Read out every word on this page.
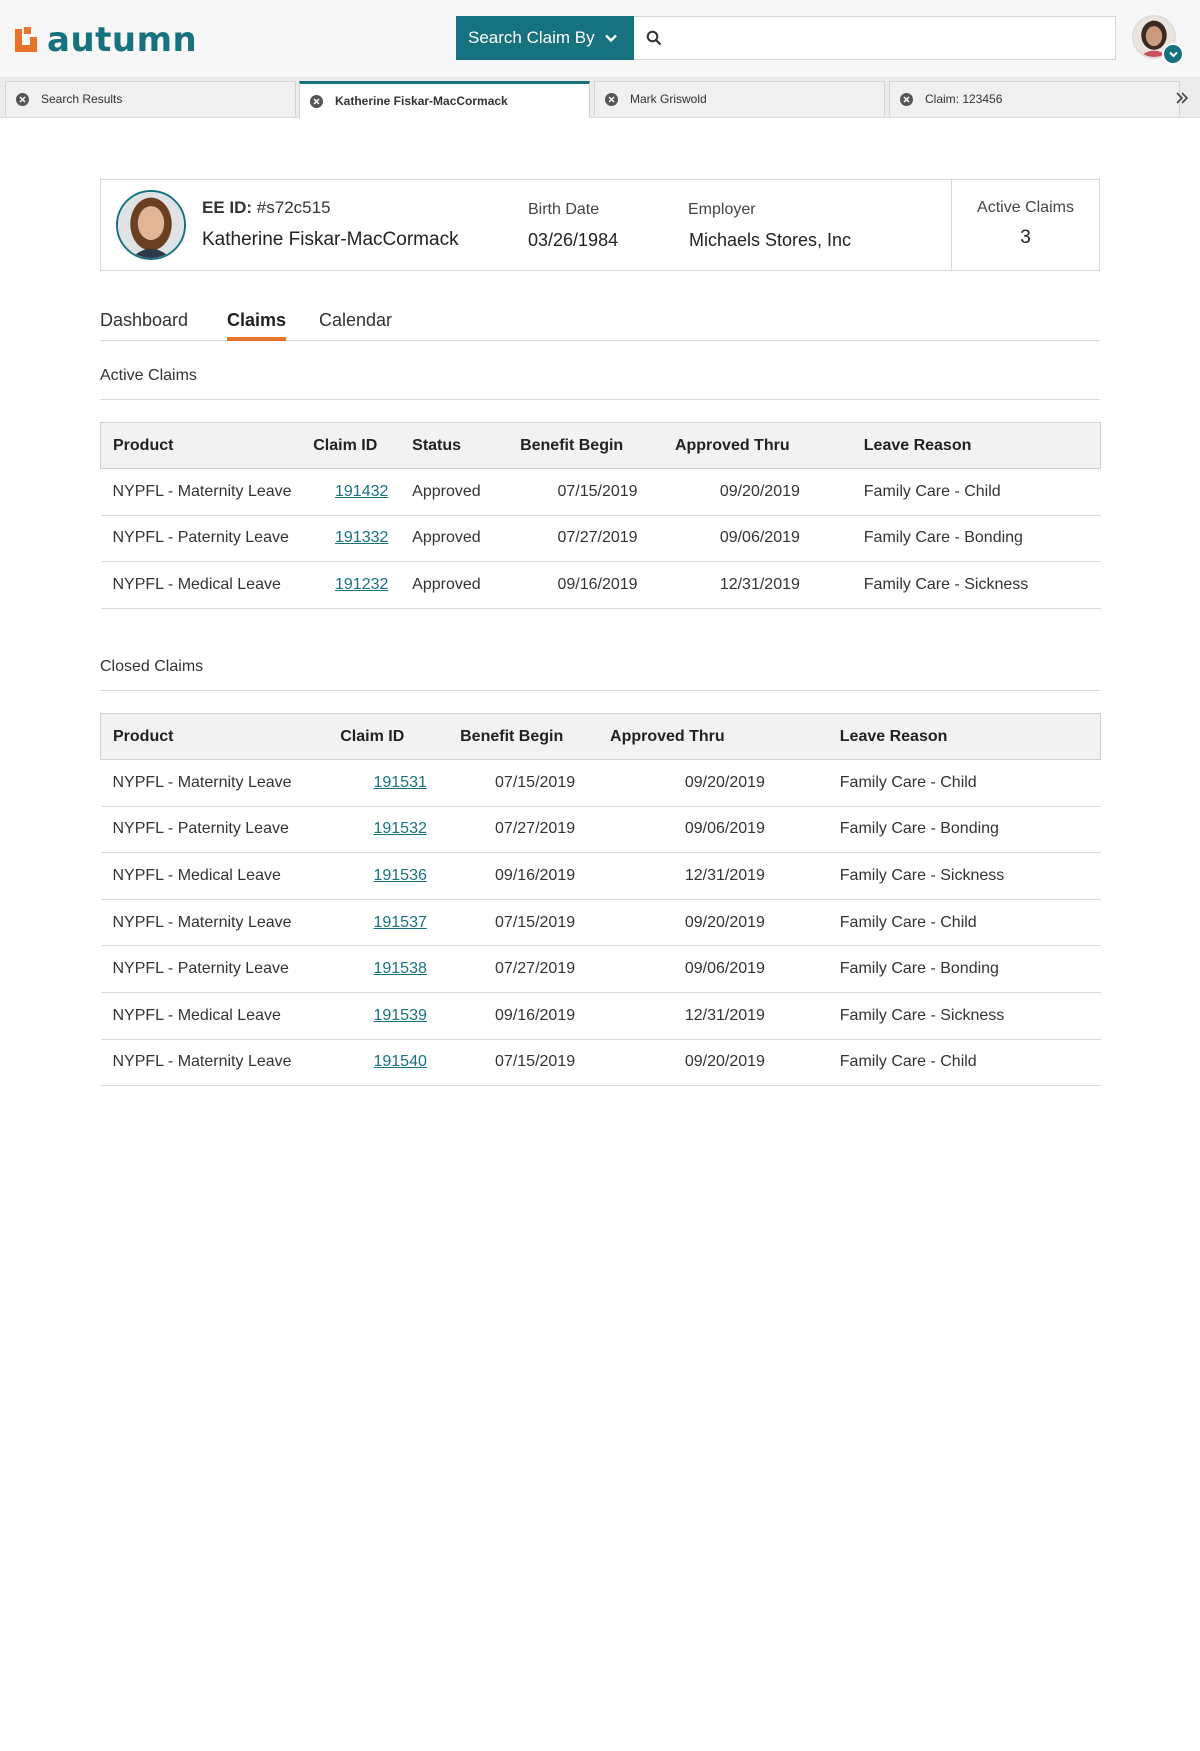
autumn	Search Claim By
Search Results	Katherine Fiskar-MacCormack	Mark Griswold	Claim: 123456
EE ID: #s72c515
Katherine Fiskar-MacCormack
Birth Date
03/26/1984
Employer
Michaels Stores, Inc
Active Claims
3
Dashboard Claims Calendar
Active Claims
Product	Claim ID	Status	Benefit Begin	Approved Thru	Leave Reason
NYPFL - Maternity Leave	191432	Approved	07/15/2019	09/20/2019	Family Care - Child
NYPFL - Paternity Leave	191332	Approved	07/27/2019	09/06/2019	Family Care - Bonding
NYPFL - Medical Leave	191232	Approved	09/16/2019	12/31/2019	Family Care - Sickness
Closed Claims
Product	Claim ID	Benefit Begin	Approved Thru	Leave Reason
NYPFL - Maternity Leave	191531	07/15/2019	09/20/2019	Family Care - Child
NYPFL - Paternity Leave	191532	07/27/2019	09/06/2019	Family Care - Bonding
NYPFL - Medical Leave	191536	09/16/2019	12/31/2019	Family Care - Sickness
NYPFL - Maternity Leave	191537	07/15/2019	09/20/2019	Family Care - Child
NYPFL - Paternity Leave	191538	07/27/2019	09/06/2019	Family Care - Bonding
NYPFL - Medical Leave	191539	09/16/2019	12/31/2019	Family Care - Sickness
NYPFL - Maternity Leave	191540	07/15/2019	09/20/2019	Family Care - Child
